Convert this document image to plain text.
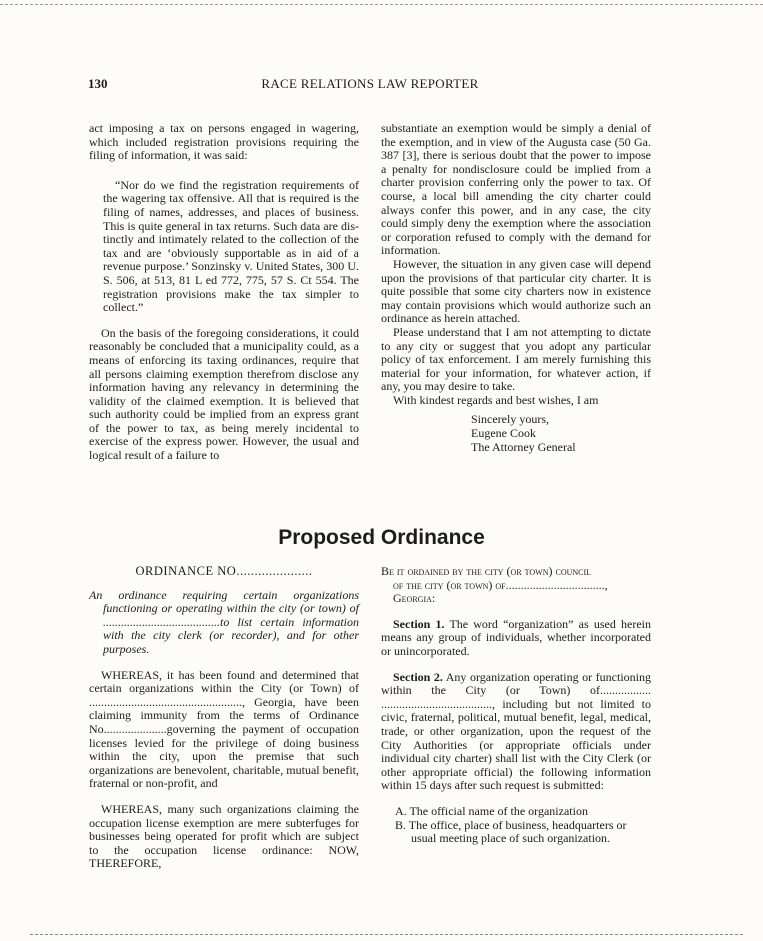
130	RACE RELATIONS LAW REPORTER

act imposing a tax on persons engaged in wagering, which included registration provisions requiring the filing of information, it was said:

“Nor do we find the registration requirements of the wagering tax offensive. All that is required is the filing of names, addresses, and places of business. This is quite general in tax returns. Such data are distinctly and intimately related to the collection of the tax and are ‘obviously supportable as in aid of a revenue purpose.’ Sonzinsky v. United States, 300 U. S. 506, at 513, 81 L ed 772, 775, 57 S. Ct 554. The registration provisions make the tax simpler to collect.”

On the basis of the foregoing considerations, it could reasonably be concluded that a municipality could, as a means of enforcing its taxing ordinances, require that all persons claiming exemption therefrom disclose any information having any relevancy in determining the validity of the claimed exemption. It is believed that such authority could be implied from an express grant of the power to tax, as being merely incidental to exercise of the express power. However, the usual and logical result of a failure to

substantiate an exemption would be simply a denial of the exemption, and in view of the Augusta case (50 Ga. 387 [3], there is serious doubt that the power to impose a penalty for nondisclosure could be implied from a charter provision conferring only the power to tax. Of course, a local bill amending the city charter could always confer this power, and in any case, the city could simply deny the exemption where the association or corporation refused to comply with the demand for information.

However, the situation in any given case will depend upon the provisions of that particular city charter. It is quite possible that some city charters now in existence may contain provisions which would authorize such an ordinance as herein attached.

Please understand that I am not attempting to dictate to any city or suggest that you adopt any particular policy of tax enforcement. I am merely furnishing this material for your information, for whatever action, if any, you may desire to take.

With kindest regards and best wishes, I am

Sincerely yours,

Eugene Cook

The Attorney General

Proposed Ordinance

ORDINANCE NO.....................

An ordinance requiring certain organizations functioning or operating within the city (or town) of .......................................to list certain information with the city clerk (or recorder), and for other purposes.

WHEREAS, it has been found and determined that certain organizations within the City (or Town) of ..................................................., Georgia, have been claiming immunity from the terms of Ordinance No.....................governing the payment of occupation licenses levied for the privilege of doing business within the city, upon the premise that such organizations are benevolent, charitable, mutual benefit, fraternal or non-profit, and

WHEREAS, many such organizations claiming the occupation license exemption are mere subterfuges for businesses being operated for profit which are subject to the occupation license ordinance: NOW, THEREFORE,

Be it ordained by the city (or town) council
of the city (or town) of.................................,
Georgia:

Section 1. The word “organization” as used herein means any group of individuals, whether incorporated or unincorporated.

Section 2. Any organization operating or functioning within the City (or Town) of................. ....................................., including but not limited to civic, fraternal, political, mutual benefit, legal, medical, trade, or other organization, upon the request of the City Authorities (or appropriate officials under individual city charter) shall list with the City Clerk (or other appropriate official) the following information within 15 days after such request is submitted:

A. The official name of the organization

B. The office, place of business, headquarters or usual meeting place of such organization.
